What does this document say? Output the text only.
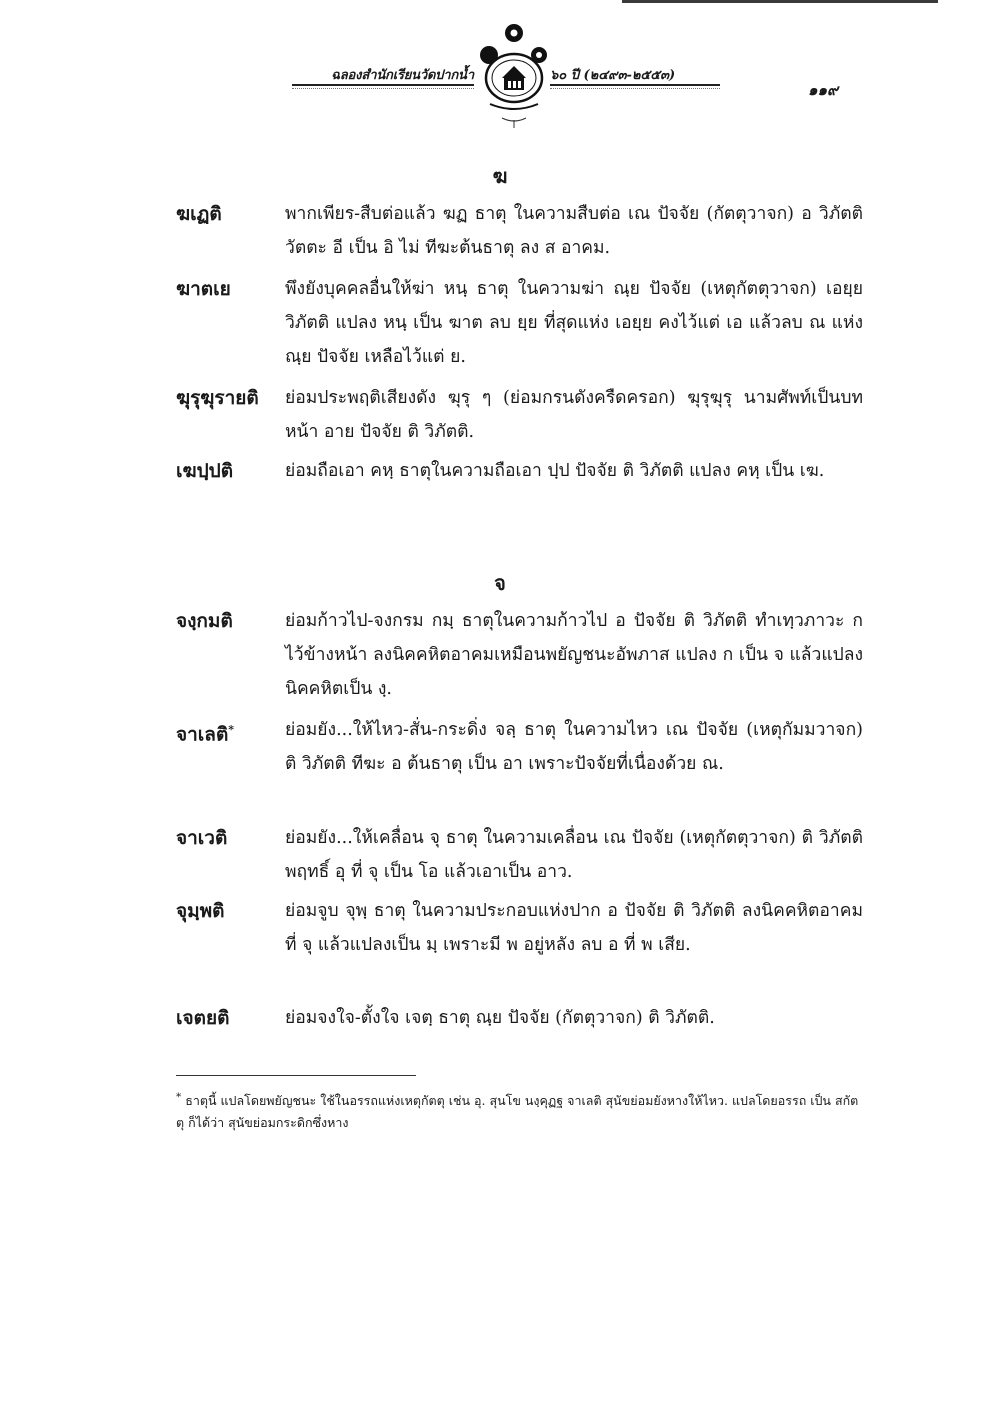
ฉลองสำนักเรียนวัดปากน้ำ	๖๐ ปี (๒๔๙๓-๒๕๕๓)
๑๑๙
ฆ
ฆเฏติ	พากเพียร-สืบต่อแล้ว ฆฏ ธาตุ ในความสืบต่อ เณ ปัจจัย (กัตตุวาจก) อ วิภัตติ วัตตะ อี เป็น อิ ไม่ ทีฆะต้นธาตุ ลง ส อาคม.
ฆาตเย	พึงยังบุคคลอื่นให้ฆ่า หนฺ ธาตุ ในความฆ่า ณฺย ปัจจัย (เหตุกัตตุวาจก) เอยฺย วิภัตติ แปลง หนฺ เป็น ฆาต ลบ ยฺย ที่สุดแห่ง เอยฺย คงไว้แต่ เอ แล้วลบ ณ แห่ง ณฺย ปัจจัย เหลือไว้แต่ ย.
ฆุรุฆุรายติ	ย่อมประพฤติเสียงดัง ฆุรุ ๆ (ย่อมกรนดังครืดครอก) ฆุรุฆุรุ นามศัพท์เป็นบทหน้า อาย ปัจจัย ติ วิภัตติ.
เฆปฺปติ	ย่อมถือเอา คหฺ ธาตุในความถือเอา ปฺป ปัจจัย ติ วิภัตติ แปลง คหฺ เป็น เฆ.
จ
จงฺกมติ	ย่อมก้าวไป-จงกรม กมฺ ธาตุในความก้าวไป อ ปัจจัย ติ วิภัตติ ทำเทฺวภาวะ ก ไว้ข้างหน้า ลงนิคคหิตอาคมเหมือนพยัญชนะอัพภาส แปลง ก เป็น จ แล้วแปลงนิคคหิตเป็น งฺ.
จาเลติ*	ย่อมยัง...ให้ไหว-สั่น-กระดิ่ง จลฺ ธาตุ ในความไหว เณ ปัจจัย (เหตุกัมมวาจก) ติ วิภัตติ ทีฆะ อ ต้นธาตุ เป็น อา เพราะปัจจัยที่เนื่องด้วย ณ.
จาเวติ	ย่อมยัง...ให้เคลื่อน จุ ธาตุ ในความเคลื่อน เณ ปัจจัย (เหตุกัตตุวาจก) ติ วิภัตติ พฤทธิ์ อุ ที่ จุ เป็น โอ แล้วเอาเป็น อาว.
จุมฺพติ	ย่อมจูบ จุพฺ ธาตุ ในความประกอบแห่งปาก อ ปัจจัย ติ วิภัตติ ลงนิคคหิตอาคมที่ จุ แล้วแปลงเป็น มฺ เพราะมี พ อยู่หลัง ลบ อ ที่ พ เสีย.
เจตยติ	ย่อมจงใจ-ตั้งใจ เจตฺ ธาตุ ณฺย ปัจจัย (กัตตุวาจก) ติ วิภัตติ.
* ธาตุนี้ แปลโดยพยัญชนะ ใช้ในอรรถแห่งเหตุกัตตุ เช่น อุ. สุนโข นงฺคุฏฐ จาเลติ สุนัขย่อมยังหางให้ไหว. แปลโดยอรรถ เป็น สกัตตุ ก็ได้ว่า สุนัขย่อมกระดิกซึ่งหาง
